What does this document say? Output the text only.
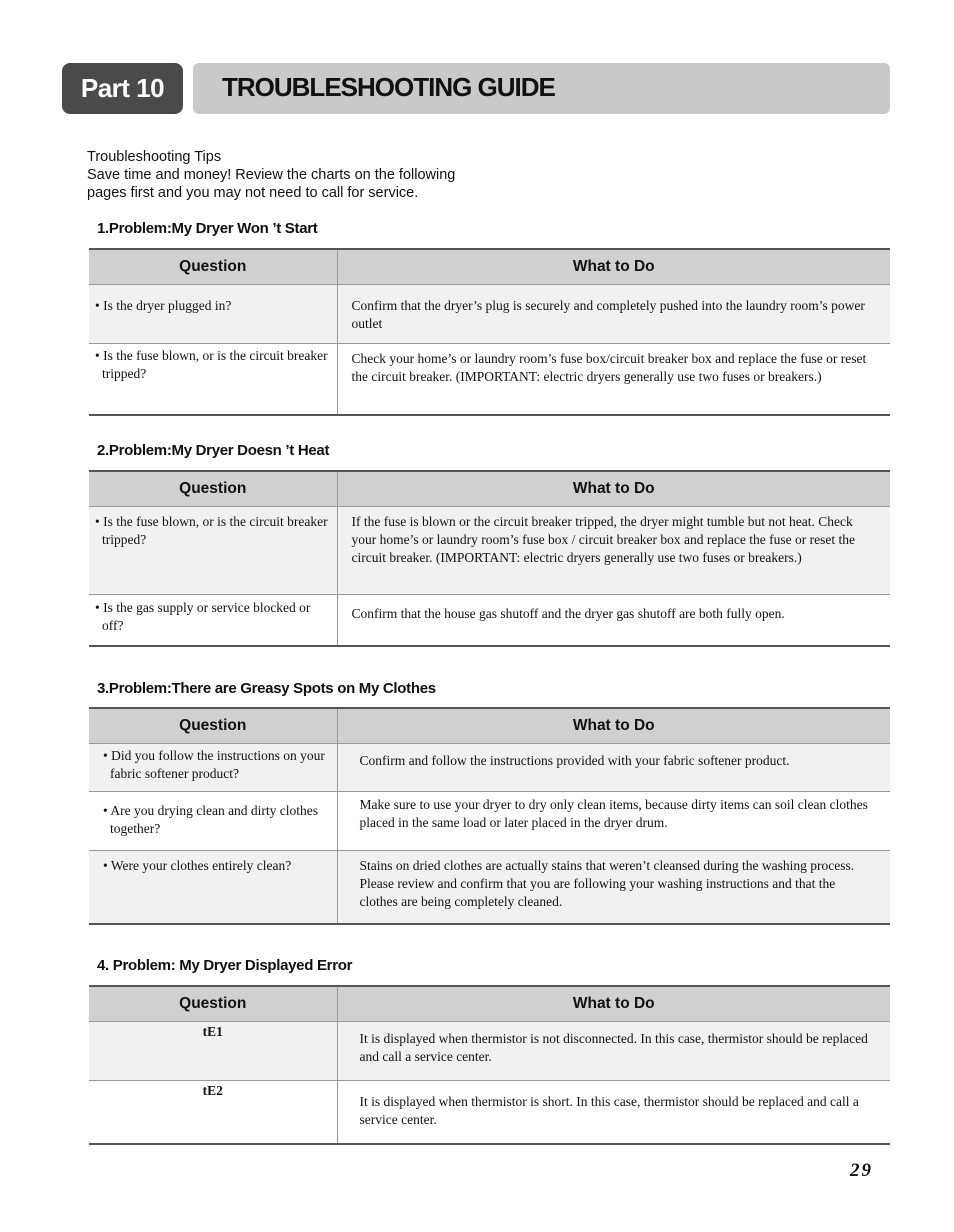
Part 10	TROUBLESHOOTING GUIDE
Troubleshooting Tips
Save time and money! Review the charts on the following
pages first and you may not need to call for service.
1.Problem:My Dryer Won ’t Start
Question	What to Do

• Is the dryer plugged in?	Confirm that the dryer’s plug is securely and completely pushed into the laundry room’s power outlet

• Is the fuse blown, or is the circuit breaker tripped?	Check your home’s or laundry room’s fuse box/circuit breaker box and replace the fuse or reset the circuit breaker. (IMPORTANT: electric dryers generally use two fuses or breakers.)
2.Problem:My Dryer Doesn ’t Heat
Question	What to Do

• Is the fuse blown, or is the circuit breaker tripped?	If the fuse is blown or the circuit breaker tripped, the dryer might tumble but not heat. Check your home’s or laundry room’s fuse box / circuit breaker box and replace the fuse or reset the circuit breaker. (IMPORTANT: electric dryers generally use two fuses or breakers.)

• Is the gas supply or service blocked or off?	Confirm that the house gas shutoff and the dryer gas shutoff are both fully open.
3.Problem:There are Greasy Spots on My Clothes
Question	What to Do

• Did you follow the instructions on your fabric softener product?	Confirm and follow the instructions provided with your fabric softener product.

• Are you drying clean and dirty clothes together?	Make sure to use your dryer to dry only clean items, because dirty items can soil clean clothes placed in the same load or later placed in the dryer drum.

• Were your clothes entirely clean?	Stains on dried clothes are actually stains that weren’t cleansed during the washing process. Please review and confirm that you are following your washing instructions and that the clothes are being completely cleaned.
4. Problem: My Dryer Displayed Error
Question	What to Do
tE1	It is displayed when thermistor is not disconnected. In this case, thermistor should be replaced and call a service center.
tE2	It is displayed when thermistor is short. In this case, thermistor should be replaced and call a service center.
29
